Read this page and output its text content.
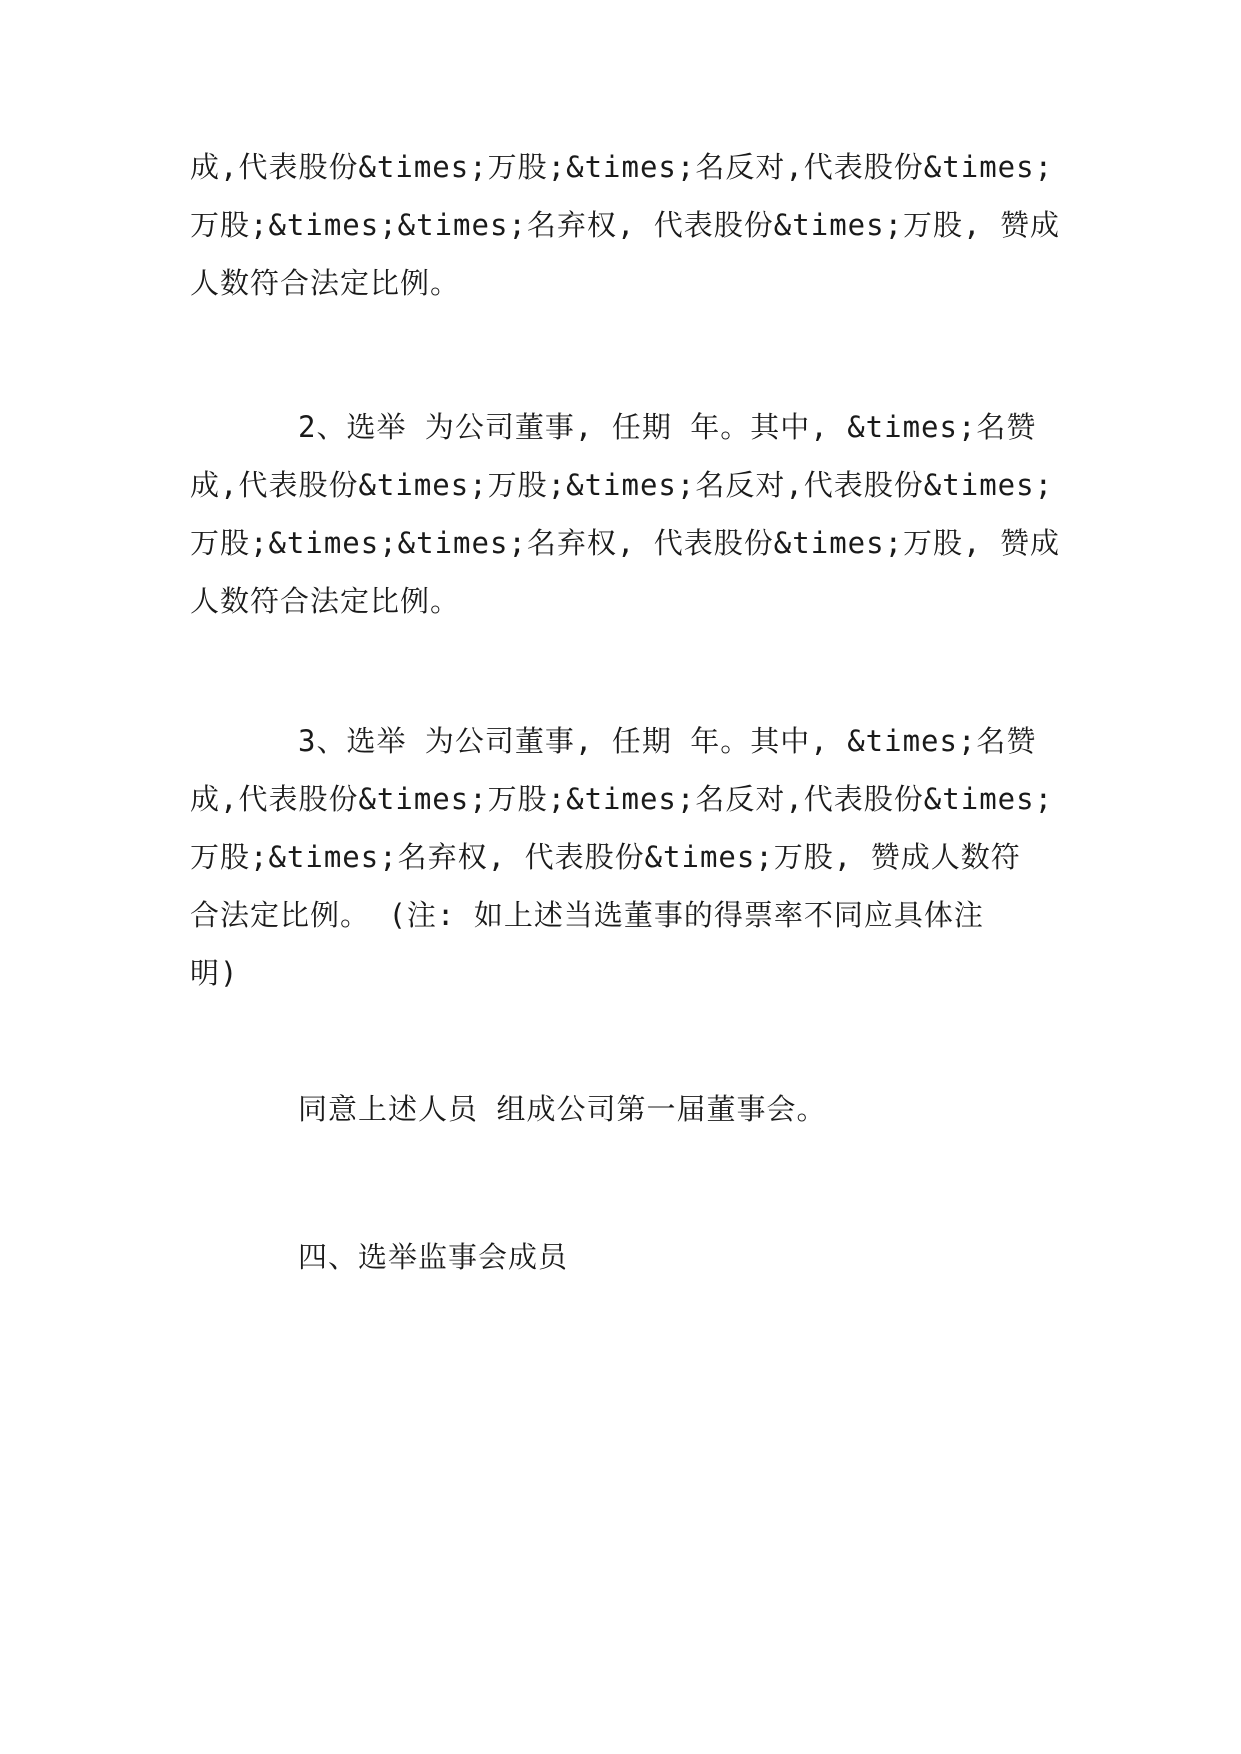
成,代表股份&times;万股;&times;名反对,代表股份&times;
万股;&times;&times;名弃权, 代表股份&times;万股, 赞成
人数符合法定比例。
2、选举 为公司董事, 任期 年。其中, &times;名赞
成,代表股份&times;万股;&times;名反对,代表股份&times;
万股;&times;&times;名弃权, 代表股份&times;万股, 赞成
人数符合法定比例。
3、选举 为公司董事, 任期 年。其中, &times;名赞
成,代表股份&times;万股;&times;名反对,代表股份&times;
万股;&times;名弃权, 代表股份&times;万股, 赞成人数符
合法定比例。 (注: 如上述当选董事的得票率不同应具体注
明)
同意上述人员 组成公司第一届董事会。
四、选举监事会成员
